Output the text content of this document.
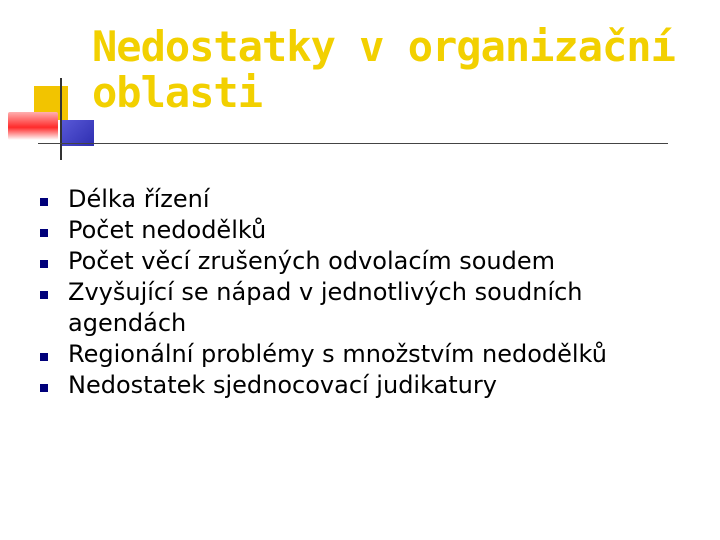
Nedostatky v organizační oblasti
Délka řízení
Počet nedodělků
Počet věcí zrušených odvolacím soudem
Zvyšující se nápad v jednotlivých soudních agendách
Regionální problémy s množstvím nedodělků
Nedostatek sjednocovací judikatury
